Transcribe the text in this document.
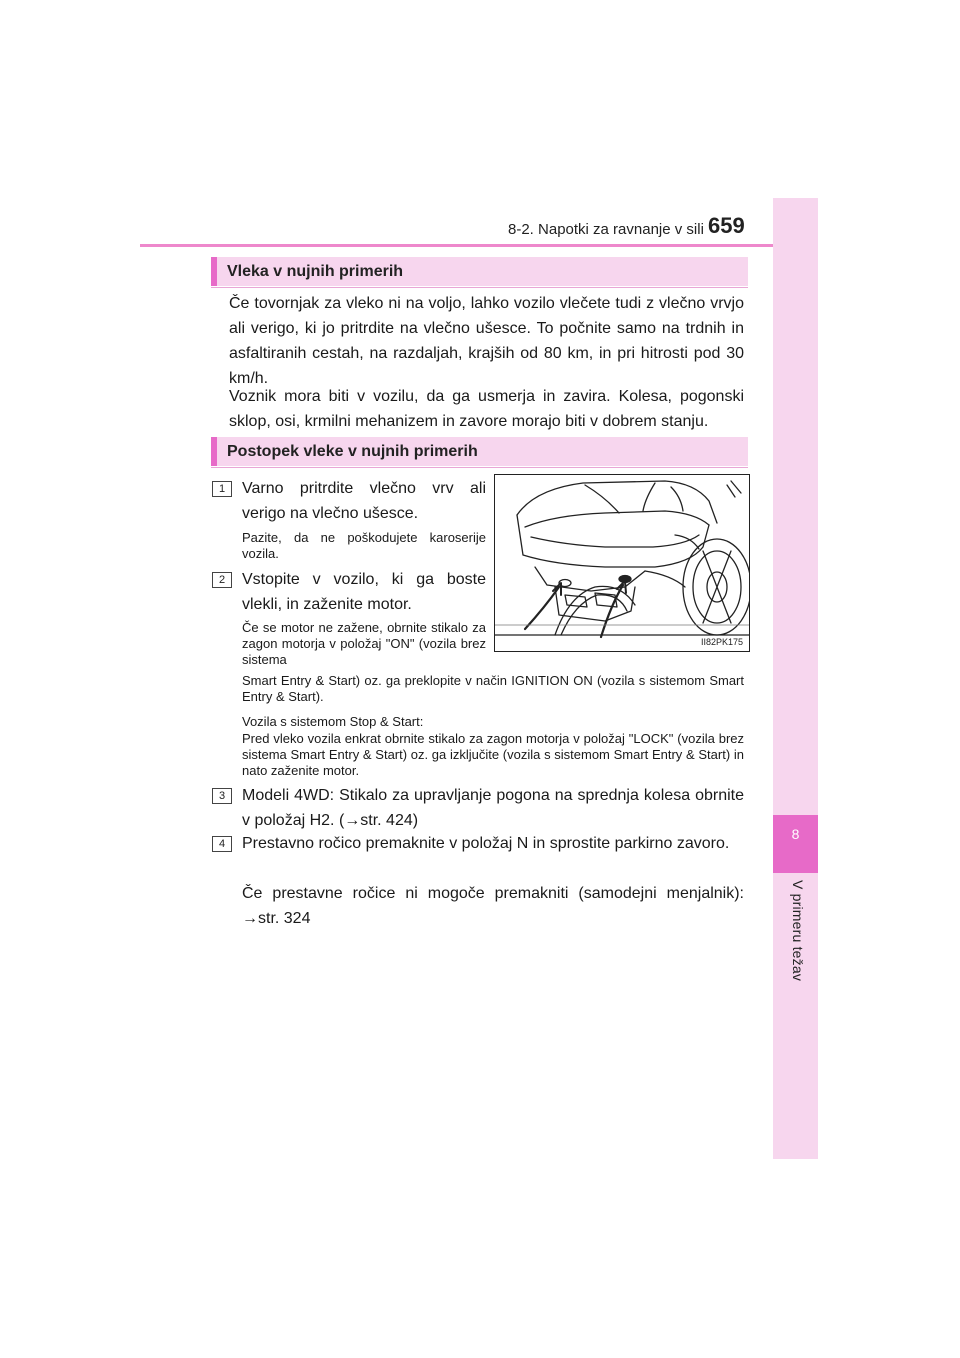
8-2. Napotki za ravnanje v sili 659
8
V primeru težav
Vleka v nujnih primerih
Če tovornjak za vleko ni na voljo, lahko vozilo vlečete tudi z vlečno vrvjo ali verigo, ki jo pritrdite na vlečno ušesce. To počnite samo na trdnih in asfaltiranih cestah, na razdaljah, krajših od 80 km, in pri hitrosti pod 30 km/h.
Voznik mora biti v vozilu, da ga usmerja in zavira. Kolesa, pogonski sklop, osi, krmilni mehanizem in zavore morajo biti v dobrem stanju.
Postopek vleke v nujnih primerih
1	Varno pritrdite vlečno vrv ali verigo na vlečno ušesce.
Pazite, da ne poškodujete karoserije vozila.
2	Vstopite v vozilo, ki ga boste vlekli, in zaženite motor.
Če se motor ne zažene, obrnite stikalo za zagon motorja v položaj "ON" (vozila brez sistema
Smart Entry & Start) oz. ga preklopite v način IGNITION ON (vozila s sistemom Smart Entry & Start).
Vozila s sistemom Stop & Start:
Pred vleko vozila enkrat obrnite stikalo za zagon motorja v položaj "LOCK" (vozila brez sistema Smart Entry & Start) oz. ga izključite (vozila s sistemom Smart Entry & Start) in nato zaženite motor.
3	Modeli 4WD: Stikalo za upravljanje pogona na sprednja kolesa obrnite v položaj H2. (→str. 424)
4	Prestavno ročico premaknite v položaj N in sprostite parkirno zavoro.
Če prestavne ročice ni mogoče premakniti (samodejni menjalnik): →str. 324
II82PK175
